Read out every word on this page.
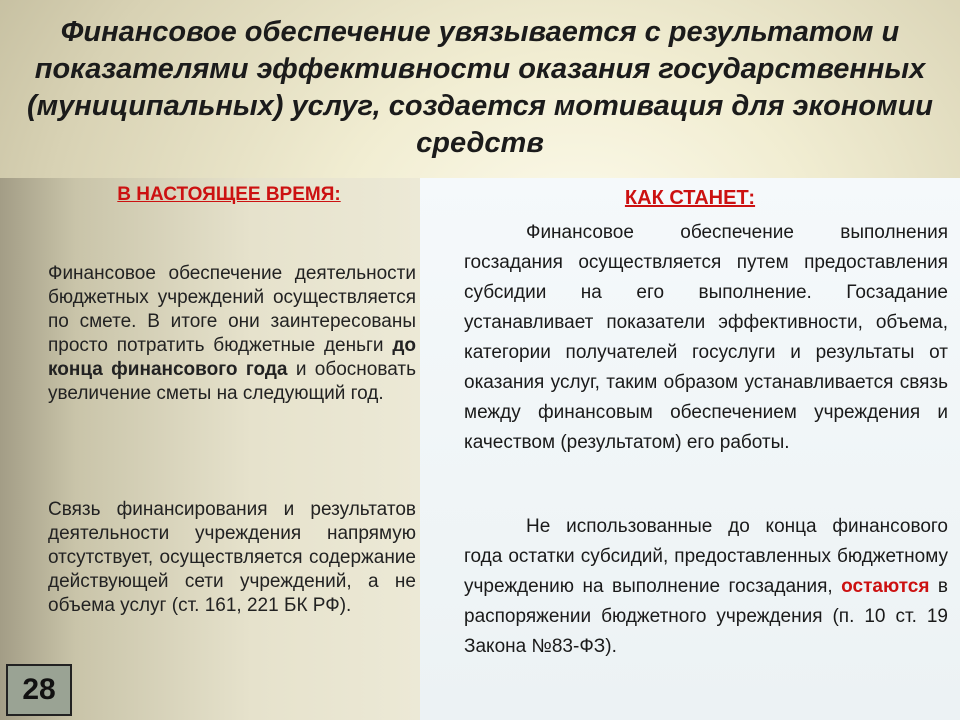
Финансовое обеспечение увязывается с результатом и показателями эффективности оказания государственных (муниципальных) услуг, создается мотивация для экономии средств
В НАСТОЯЩЕЕ ВРЕМЯ:

Финансовое обеспечение деятельности бюджетных учреждений осуществляется по смете. В итоге они заинтересованы просто потратить бюджетные деньги до конца финансового года и обосновать увеличение сметы на следующий год.

Связь финансирования и результатов деятельности учреждения напрямую отсутствует, осуществляется содержание действующей сети учреждений, а не объема услуг (ст. 161, 221 БК РФ).

КАК СТАНЕТ:

Финансовое обеспечение выполнения госзадания осуществляется путем предоставления субсидии на его выполнение. Госзадание устанавливает показатели эффективности, объема, категории получателей госуслуги и результаты от оказания услуг, таким образом устанавливается связь между финансовым обеспечением учреждения и качеством (результатом) его работы.

Не использованные до конца финансового года остатки субсидий, предоставленных бюджетному учреждению на выполнение госзадания, остаются в распоряжении бюджетного учреждения (п. 10 ст. 19 Закона №83-ФЗ).

28
